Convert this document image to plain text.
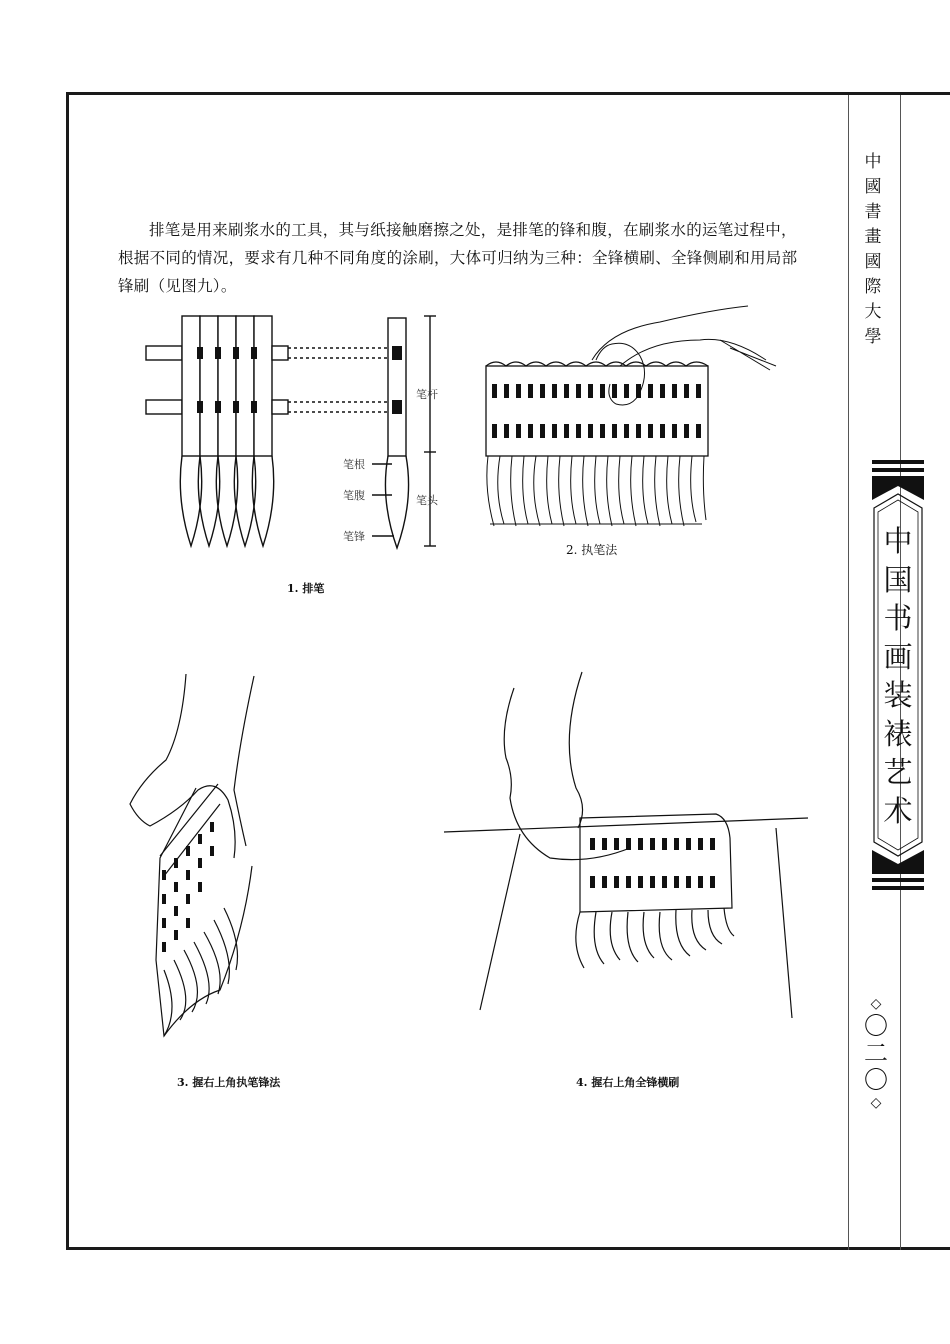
排笔是用来刷浆水的工具，其与纸接触磨擦之处，是排笔的锋和腹，在刷浆水的运笔过程中，根据不同的情况，要求有几种不同角度的涂刷，大体可归纳为三种：全锋横刷、全锋侧刷和用局部锋刷（见图九）。

笔杆
笔头
笔根
笔腹
笔锋
1. 排笔
2. 执笔法
3. 握右上角执笔锋法	4. 握右上角全锋横刷
中
國
書
畫
國
際
大
學
中
国
书
画
装
裱
艺
术
◇
〇
二
〇
◇
